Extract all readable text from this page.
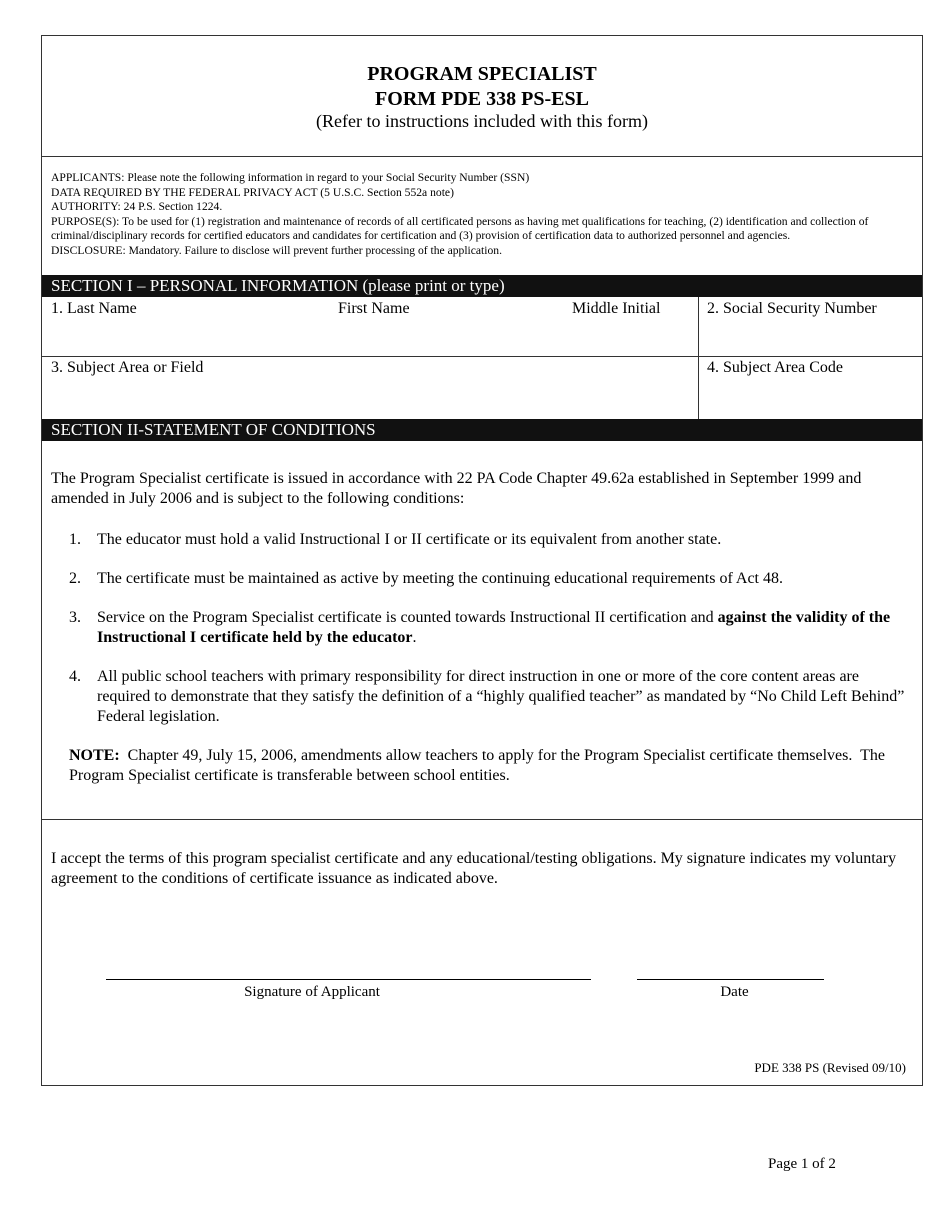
PROGRAM SPECIALIST
FORM PDE 338 PS-ESL
(Refer to instructions included with this form)
APPLICANTS: Please note the following information in regard to your Social Security Number (SSN)
DATA REQUIRED BY THE FEDERAL PRIVACY ACT (5 U.S.C. Section 552a note)
AUTHORITY: 24 P.S. Section 1224.
PURPOSE(S): To be used for (1) registration and maintenance of records of all certificated persons as having met qualifications for teaching, (2) identification and collection of criminal/disciplinary records for certified educators and candidates for certification and (3) provision of certification data to authorized personnel and agencies.
DISCLOSURE: Mandatory. Failure to disclose will prevent further processing of the application.
SECTION I – PERSONAL INFORMATION (please print or type)
1. Last Name	First Name	Middle Initial	2. Social Security Number
3. Subject Area or Field	4. Subject Area Code
SECTION II-STATEMENT OF CONDITIONS
The Program Specialist certificate is issued in accordance with 22 PA Code Chapter 49.62a established in September 1999 and amended in July 2006 and is subject to the following conditions:
1. The educator must hold a valid Instructional I or II certificate or its equivalent from another state.
2. The certificate must be maintained as active by meeting the continuing educational requirements of Act 48.
3. Service on the Program Specialist certificate is counted towards Instructional II certification and against the validity of the Instructional I certificate held by the educator.
4. All public school teachers with primary responsibility for direct instruction in one or more of the core content areas are required to demonstrate that they satisfy the definition of a “highly qualified teacher” as mandated by “No Child Left Behind” Federal legislation.
NOTE:  Chapter 49, July 15, 2006, amendments allow teachers to apply for the Program Specialist certificate themselves.  The Program Specialist certificate is transferable between school entities.
I accept the terms of this program specialist certificate and any educational/testing obligations. My signature indicates my voluntary agreement to the conditions of certificate issuance as indicated above.
Signature of Applicant	Date
PDE 338 PS (Revised 09/10)
Page 1 of 2
